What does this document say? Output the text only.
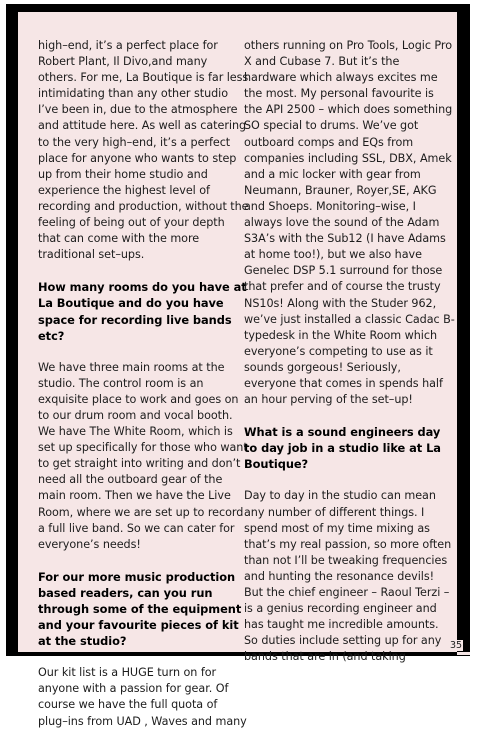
high–end, it’s a perfect place for Robert Plant, Il Divo,and many others. For me, La Boutique is far less intimidating than any other studio I’ve been in, due to the atmosphere and attitude here. As well as catering to the very high–end, it’s a perfect place for anyone who wants to step up from their home studio and experience the highest level of recording and production, without the feeling of being out of your depth that can come with the more traditional set–ups.

How many rooms do you have at La Boutique and do you have space for recording live bands etc?

We have three main rooms at the studio. The control room is an exquisite place to work and goes on to our drum room and vocal booth. We have The White Room, which is set up specifically for those who want to get straight into writing and don’t need all the outboard gear of the main room. Then we have the Live Room, where we are set up to record a full live band. So we can cater for everyone’s needs!

For our more music production based readers, can you run through some of the equipment and your favourite pieces of kit at the studio?

Our kit list is a HUGE turn on for anyone with a passion for gear. Of course we have the full quota of plug–ins from UAD , Waves and many

others running on Pro Tools, Logic Pro X and Cubase 7. But it’s the hardware which always excites me the most. My personal favourite is the API 2500 – which does something SO special to drums. We’ve got outboard comps and EQs from companies including SSL, DBX, Amek and a mic locker with gear from Neumann, Brauner, Royer,SE, AKG and Shoeps. Monitoring–wise, I always love the sound of the Adam S3A’s with the Sub12 (I have Adams at home too!), but we also have Genelec DSP 5.1 surround for those that prefer and of course the trusty NS10s! Along with the Studer 962, we’ve just installed a classic Cadac B-typedesk in the White Room which everyone’s competing to use as it sounds gorgeous! Seriously, everyone that comes in spends half an hour perving of the set–up!

What is a sound engineers day to day job in a studio like at La Boutique?

Day to day in the studio can mean any number of different things. I spend most of my time mixing as that’s my real passion, so more often than not I’ll be tweaking frequencies and hunting the resonance devils! But the chief engineer – Raoul Terzi – is a genius recording engineer and has taught me incredible amounts. So duties include setting up for any bands that are in (and taking

35
